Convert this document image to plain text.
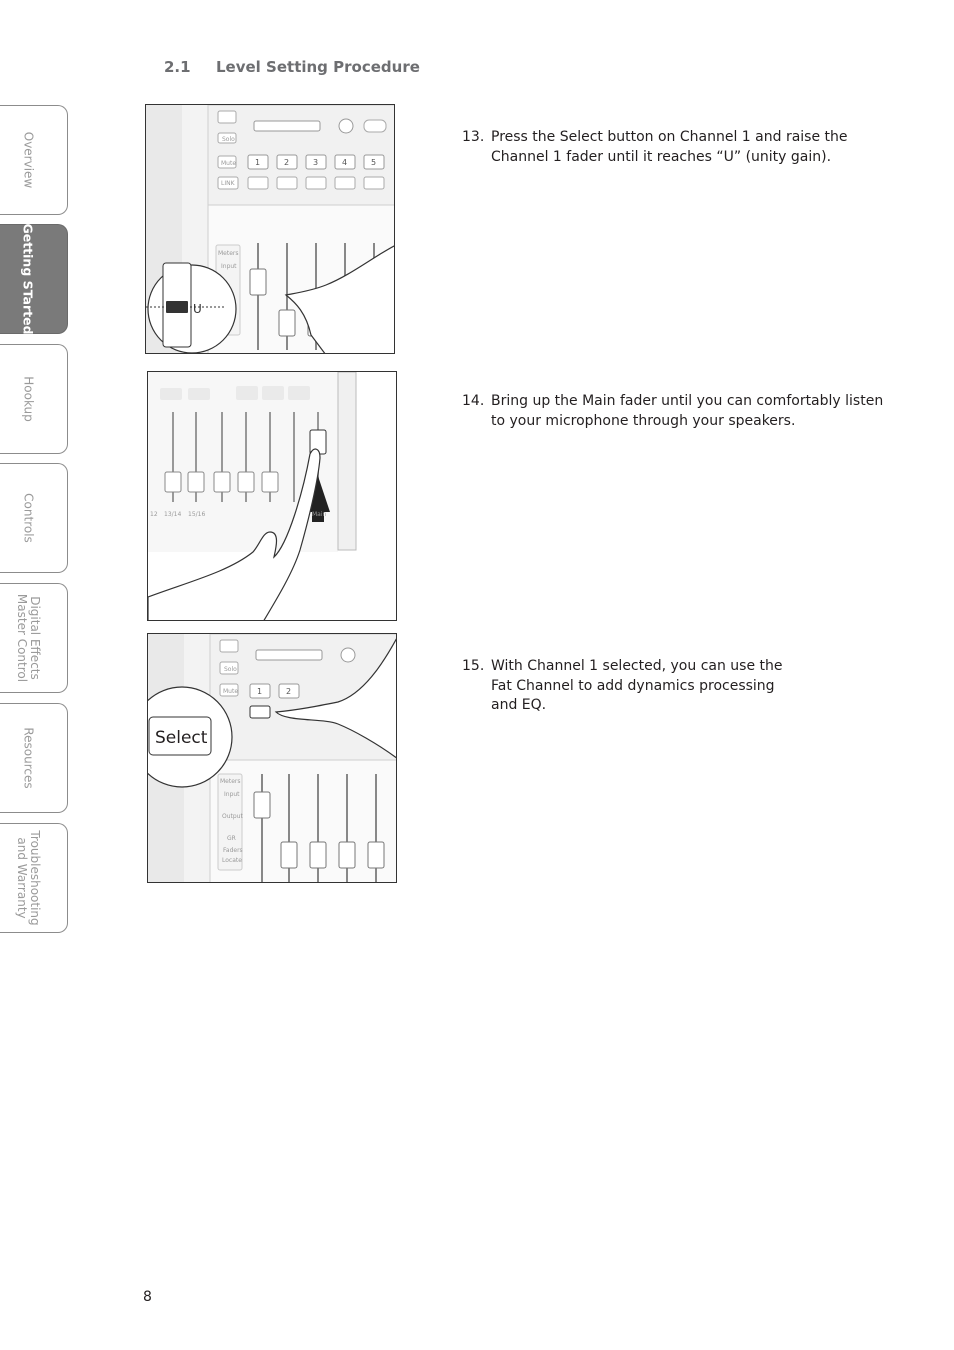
Overview
Getting STarted
Hookup
Controls
Digital Effects
Master Control
Resources
Troubleshooting
and Warranty
2.1 Level Setting Procedure
Solo
Mute 1	2	3	4	5
LINK
Meters
Input
U
12 13/14 15/16	Main
Solo
Mute 1	2
Meters
Input
Output
GR
Faders
Locate
Select
13. Press the Select button on Channel 1 and raise the Channel 1 fader until it reaches “U” (unity gain).
14. Bring up the Main fader until you can comfortably listen to your microphone through your speakers.
15. With Channel 1 selected, you can use the Fat Channel to add dynamics processing and EQ.
8
